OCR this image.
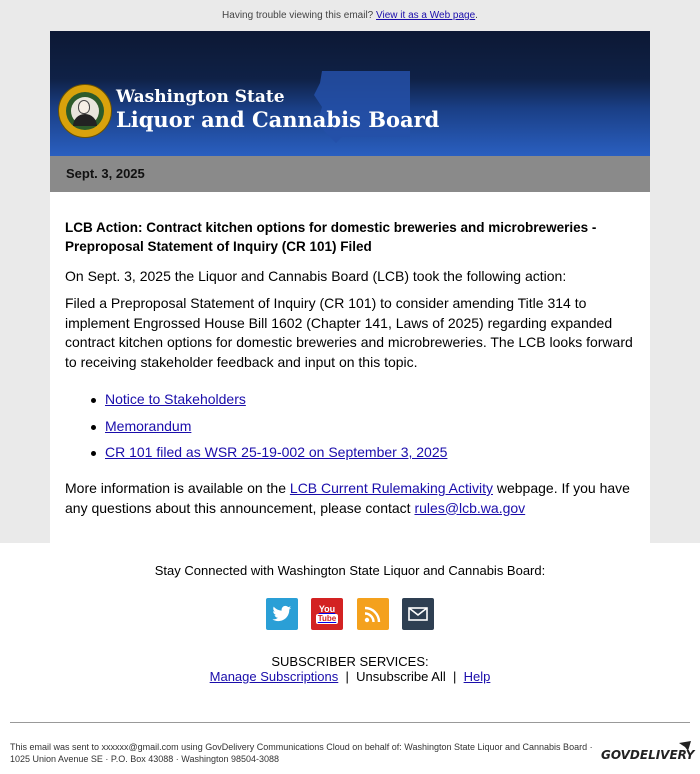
Having trouble viewing this email? View it as a Web page.
Washington State
Liquor and Cannabis Board
Sept. 3, 2025
LCB Action: Contract kitchen options for domestic breweries and microbreweries - Preproposal Statement of Inquiry (CR 101) Filed
On Sept. 3, 2025 the Liquor and Cannabis Board (LCB) took the following action:
Filed a Preproposal Statement of Inquiry (CR 101) to consider amending Title 314 to implement Engrossed House Bill 1602 (Chapter 141, Laws of 2025) regarding expanded contract kitchen options for domestic breweries and microbreweries. The LCB looks forward to receiving stakeholder feedback and input on this topic.
Notice to Stakeholders
Memorandum
CR 101 filed as WSR 25-19-002 on September 3, 2025
More information is available on the LCB Current Rulemaking Activity webpage. If you have any questions about this announcement, please contact rules@lcb.wa.gov
Stay Connected with Washington State Liquor and Cannabis Board:
You
Tube
SUBSCRIBER SERVICES:
Manage Subscriptions | Unsubscribe All | Help
This email was sent to xxxxxx@gmail.com using GovDelivery Communications Cloud on behalf of: Washington State Liquor and Cannabis Board · 1025 Union Avenue SE · P.O. Box 43088 · Washington 98504-3088	GOVDELIVERY
